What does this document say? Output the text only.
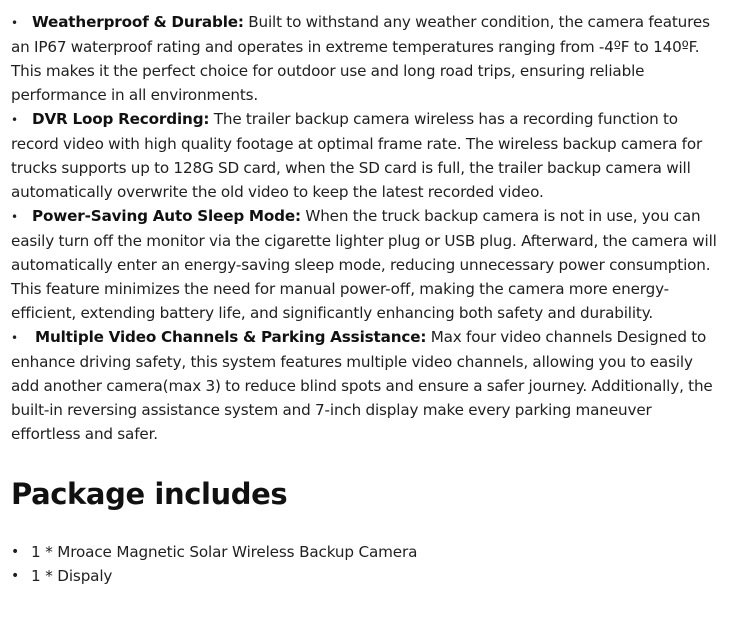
• Weatherproof & Durable: Built to withstand any weather condition, the camera features an IP67 waterproof rating and operates in extreme temperatures ranging from -4ºF to 140ºF. This makes it the perfect choice for outdoor use and long road trips, ensuring reliable performance in all environments.

• DVR Loop Recording: The trailer backup camera wireless has a recording function to record video with high quality footage at optimal frame rate. The wireless backup camera for trucks supports up to 128G SD card, when the SD card is full, the trailer backup camera will automatically overwrite the old video to keep the latest recorded video.

• Power-Saving Auto Sleep Mode: When the truck backup camera is not in use, you can easily turn off the monitor via the cigarette lighter plug or USB plug. Afterward, the camera will automatically enter an energy-saving sleep mode, reducing unnecessary power consumption. This feature minimizes the need for manual power-off, making the camera more energy-efficient, extending battery life, and significantly enhancing both safety and durability.

• Multiple Video Channels & Parking Assistance: Max four video channels Designed to enhance driving safety, this system features multiple video channels, allowing you to easily add another camera(max 3) to reduce blind spots and ensure a safer journey. Additionally, the built-in reversing assistance system and 7-inch display make every parking maneuver effortless and safer.

Package includes
• 1 * Mroace Magnetic Solar Wireless Backup Camera
• 1 * Dispaly
